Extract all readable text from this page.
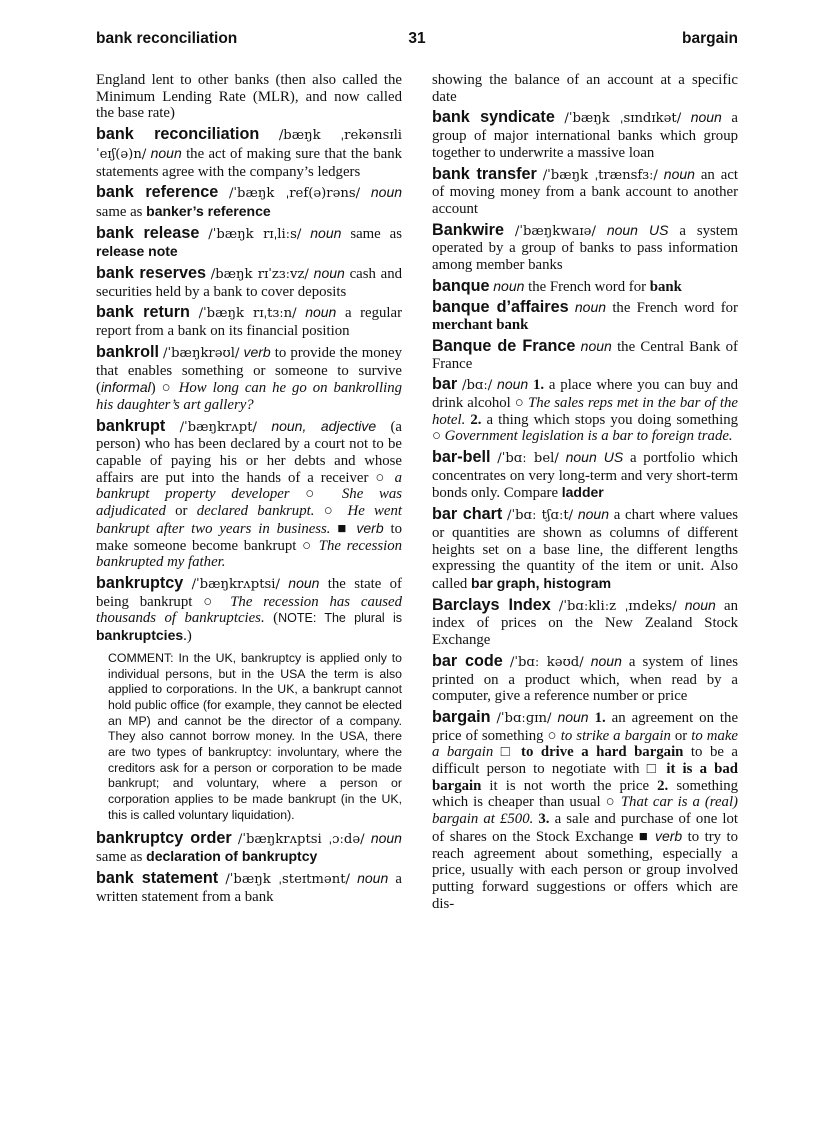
bank reconciliation	31	bargain

England lent to other banks (then also called the Minimum Lending Rate (MLR), and now called the base rate)

bank reconciliation /bæŋk ˌrekənsɪliˈeɪʃ(ə)n/ noun the act of making sure that the bank statements agree with the company’s ledgers

bank reference /ˈbæŋk ˌref(ə)rəns/ noun same as banker’s reference

bank release /ˈbæŋk rɪˌliːs/ noun same as release note

bank reserves /bæŋk rɪˈzɜːvz/ noun cash and securities held by a bank to cover deposits

bank return /ˈbæŋk rɪˌtɜːn/ noun a regular report from a bank on its financial position

bankroll /ˈbæŋkrəʊl/ verb to provide the money that enables something or someone to survive (informal) ○ How long can he go on bankrolling his daughter’s art gallery?

bankrupt /ˈbæŋkrʌpt/ noun, adjective (a person) who has been declared by a court not to be capable of paying his or her debts and whose affairs are put into the hands of a receiver ○ a bankrupt property developer ○ She was adjudicated or declared bankrupt. ○ He went bankrupt after two years in business. ■ verb to make someone become bankrupt ○ The recession bankrupted my father.

bankruptcy /ˈbæŋkrʌptsi/ noun the state of being bankrupt ○ The recession has caused thousands of bankruptcies. (NOTE: The plural is bankruptcies.)

COMMENT: In the UK, bankruptcy is applied only to individual persons, but in the USA the term is also applied to corporations. In the UK, a bankrupt cannot hold public office (for example, they cannot be elected an MP) and cannot be the director of a company. They also cannot borrow money. In the USA, there are two types of bankruptcy: involuntary, where the creditors ask for a person or corporation to be made bankrupt; and voluntary, where a person or corporation applies to be made bankrupt (in the UK, this is called voluntary liquidation).

bankruptcy order /ˈbæŋkrʌptsi ˌɔːdə/ noun same as declaration of bankruptcy

bank statement /ˈbæŋk ˌsteɪtmənt/ noun a written statement from a bank

showing the balance of an account at a specific date

bank syndicate /ˈbæŋk ˌsɪndɪkət/ noun a group of major international banks which group together to underwrite a massive loan

bank transfer /ˈbæŋk ˌtrænsfɜː/ noun an act of moving money from a bank account to another account

Bankwire /ˈbæŋkwaɪə/ noun US a system operated by a group of banks to pass information among member banks

banque noun the French word for bank

banque d’affaires noun the French word for merchant bank

Banque de France noun the Central Bank of France

bar /bɑː/ noun 1. a place where you can buy and drink alcohol ○ The sales reps met in the bar of the hotel. 2. a thing which stops you doing something ○ Government legislation is a bar to foreign trade.

bar-bell /ˈbɑː bel/ noun US a portfolio which concentrates on very long-term and very short-term bonds only. Compare ladder

bar chart /ˈbɑː tʃɑːt/ noun a chart where values or quantities are shown as columns of different heights set on a base line, the different lengths expressing the quantity of the item or unit. Also called bar graph, histogram

Barclays Index /ˈbɑːkliːz ˌɪndeks/ noun an index of prices on the New Zealand Stock Exchange

bar code /ˈbɑː kəʊd/ noun a system of lines printed on a product which, when read by a computer, give a reference number or price

bargain /ˈbɑːɡɪn/ noun 1. an agreement on the price of something ○ to strike a bargain or to make a bargain □ to drive a hard bargain to be a difficult person to negotiate with □ it is a bad bargain it is not worth the price 2. something which is cheaper than usual ○ That car is a (real) bargain at £500. 3. a sale and purchase of one lot of shares on the Stock Exchange ■ verb to try to reach agreement about something, especially a price, usually with each person or group involved putting forward suggestions or offers which are dis-
